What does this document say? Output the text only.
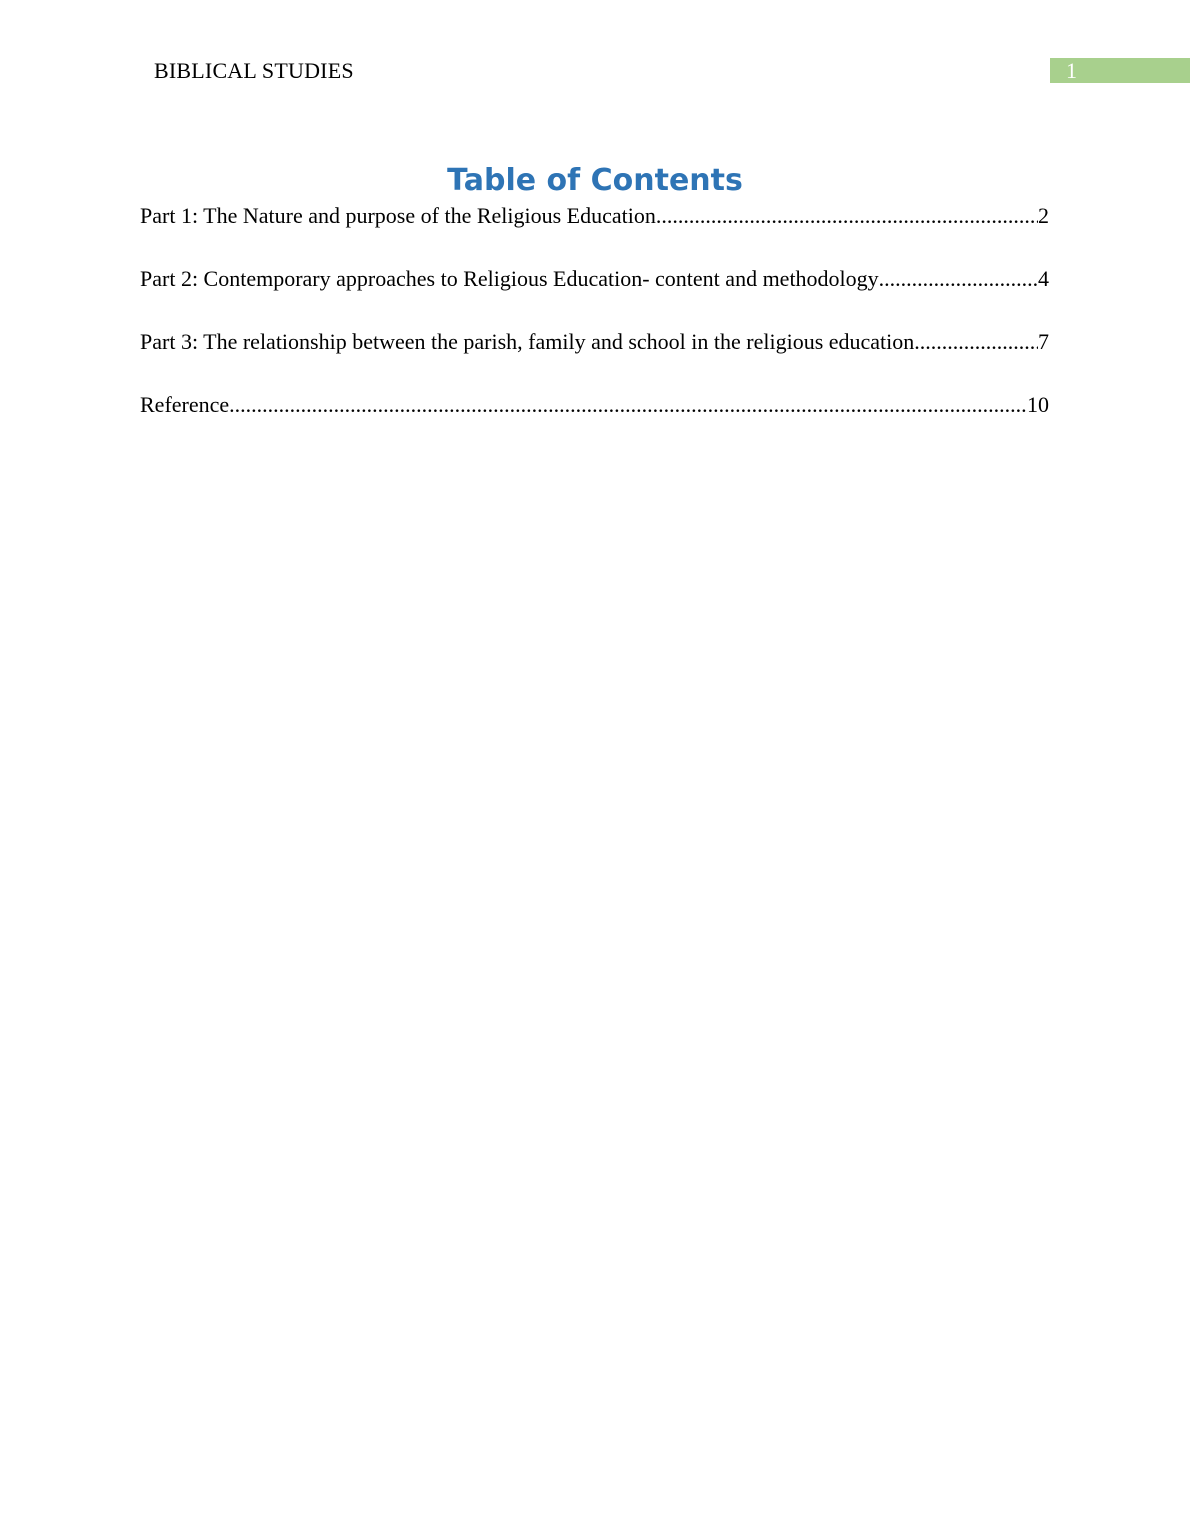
BIBLICAL STUDIES	1
Table of Contents
Part 1: The Nature and purpose of the Religious Education .....	2
Part 2: Contemporary approaches to Religious Education- content and methodology .....	4
Part 3: The relationship between the parish, family and school in the religious education .....	7
Reference .....	10
